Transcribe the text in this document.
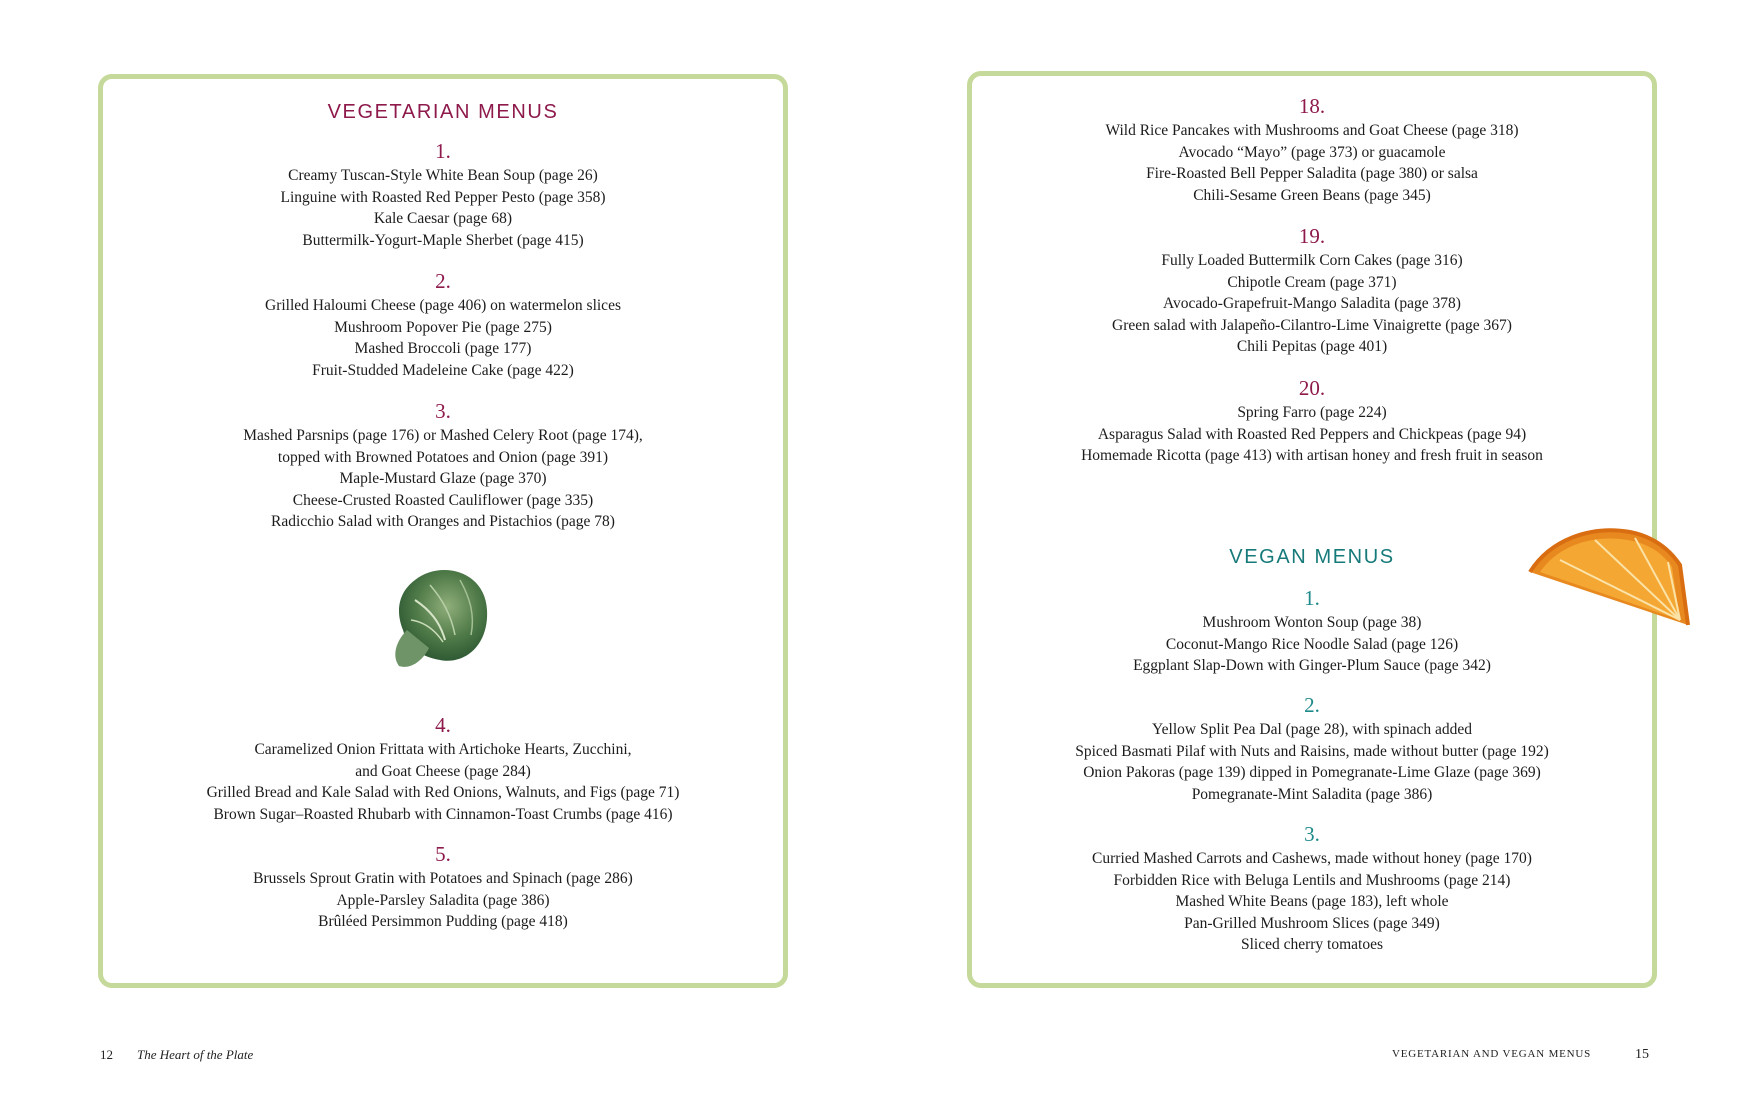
VEGETARIAN MENUS
1.
Creamy Tuscan-Style White Bean Soup (page 26)
Linguine with Roasted Red Pepper Pesto (page 358)
Kale Caesar (page 68)
Buttermilk-Yogurt-Maple Sherbet (page 415)
2.
Grilled Haloumi Cheese (page 406) on watermelon slices
Mushroom Popover Pie (page 275)
Mashed Broccoli (page 177)
Fruit-Studded Madeleine Cake (page 422)
3.
Mashed Parsnips (page 176) or Mashed Celery Root (page 174),
topped with Browned Potatoes and Onion (page 391)
Maple-Mustard Glaze (page 370)
Cheese-Crusted Roasted Cauliflower (page 335)
Radicchio Salad with Oranges and Pistachios (page 78)
4.
Caramelized Onion Frittata with Artichoke Hearts, Zucchini,
and Goat Cheese (page 284)
Grilled Bread and Kale Salad with Red Onions, Walnuts, and Figs (page 71)
Brown Sugar–Roasted Rhubarb with Cinnamon-Toast Crumbs (page 416)
5.
Brussels Sprout Gratin with Potatoes and Spinach (page 286)
Apple-Parsley Saladita (page 386)
Brûléed Persimmon Pudding (page 418)
18.
Wild Rice Pancakes with Mushrooms and Goat Cheese (page 318)
Avocado “Mayo” (page 373) or guacamole
Fire-Roasted Bell Pepper Saladita (page 380) or salsa
Chili-Sesame Green Beans (page 345)
19.
Fully Loaded Buttermilk Corn Cakes (page 316)
Chipotle Cream (page 371)
Avocado-Grapefruit-Mango Saladita (page 378)
Green salad with Jalapeño-Cilantro-Lime Vinaigrette (page 367)
Chili Pepitas (page 401)
20.
Spring Farro (page 224)
Asparagus Salad with Roasted Red Peppers and Chickpeas (page 94)
Homemade Ricotta (page 413) with artisan honey and fresh fruit in season
VEGAN MENUS
1.
Mushroom Wonton Soup (page 38)
Coconut-Mango Rice Noodle Salad (page 126)
Eggplant Slap-Down with Ginger-Plum Sauce (page 342)
2.
Yellow Split Pea Dal (page 28), with spinach added
Spiced Basmati Pilaf with Nuts and Raisins, made without butter (page 192)
Onion Pakoras (page 139) dipped in Pomegranate-Lime Glaze (page 369)
Pomegranate-Mint Saladita (page 386)
3.
Curried Mashed Carrots and Cashews, made without honey (page 170)
Forbidden Rice with Beluga Lentils and Mushrooms (page 214)
Mashed White Beans (page 183), left whole
Pan-Grilled Mushroom Slices (page 349)
Sliced cherry tomatoes
12 The Heart of the Plate	VEGETARIAN AND VEGAN MENUS	15
